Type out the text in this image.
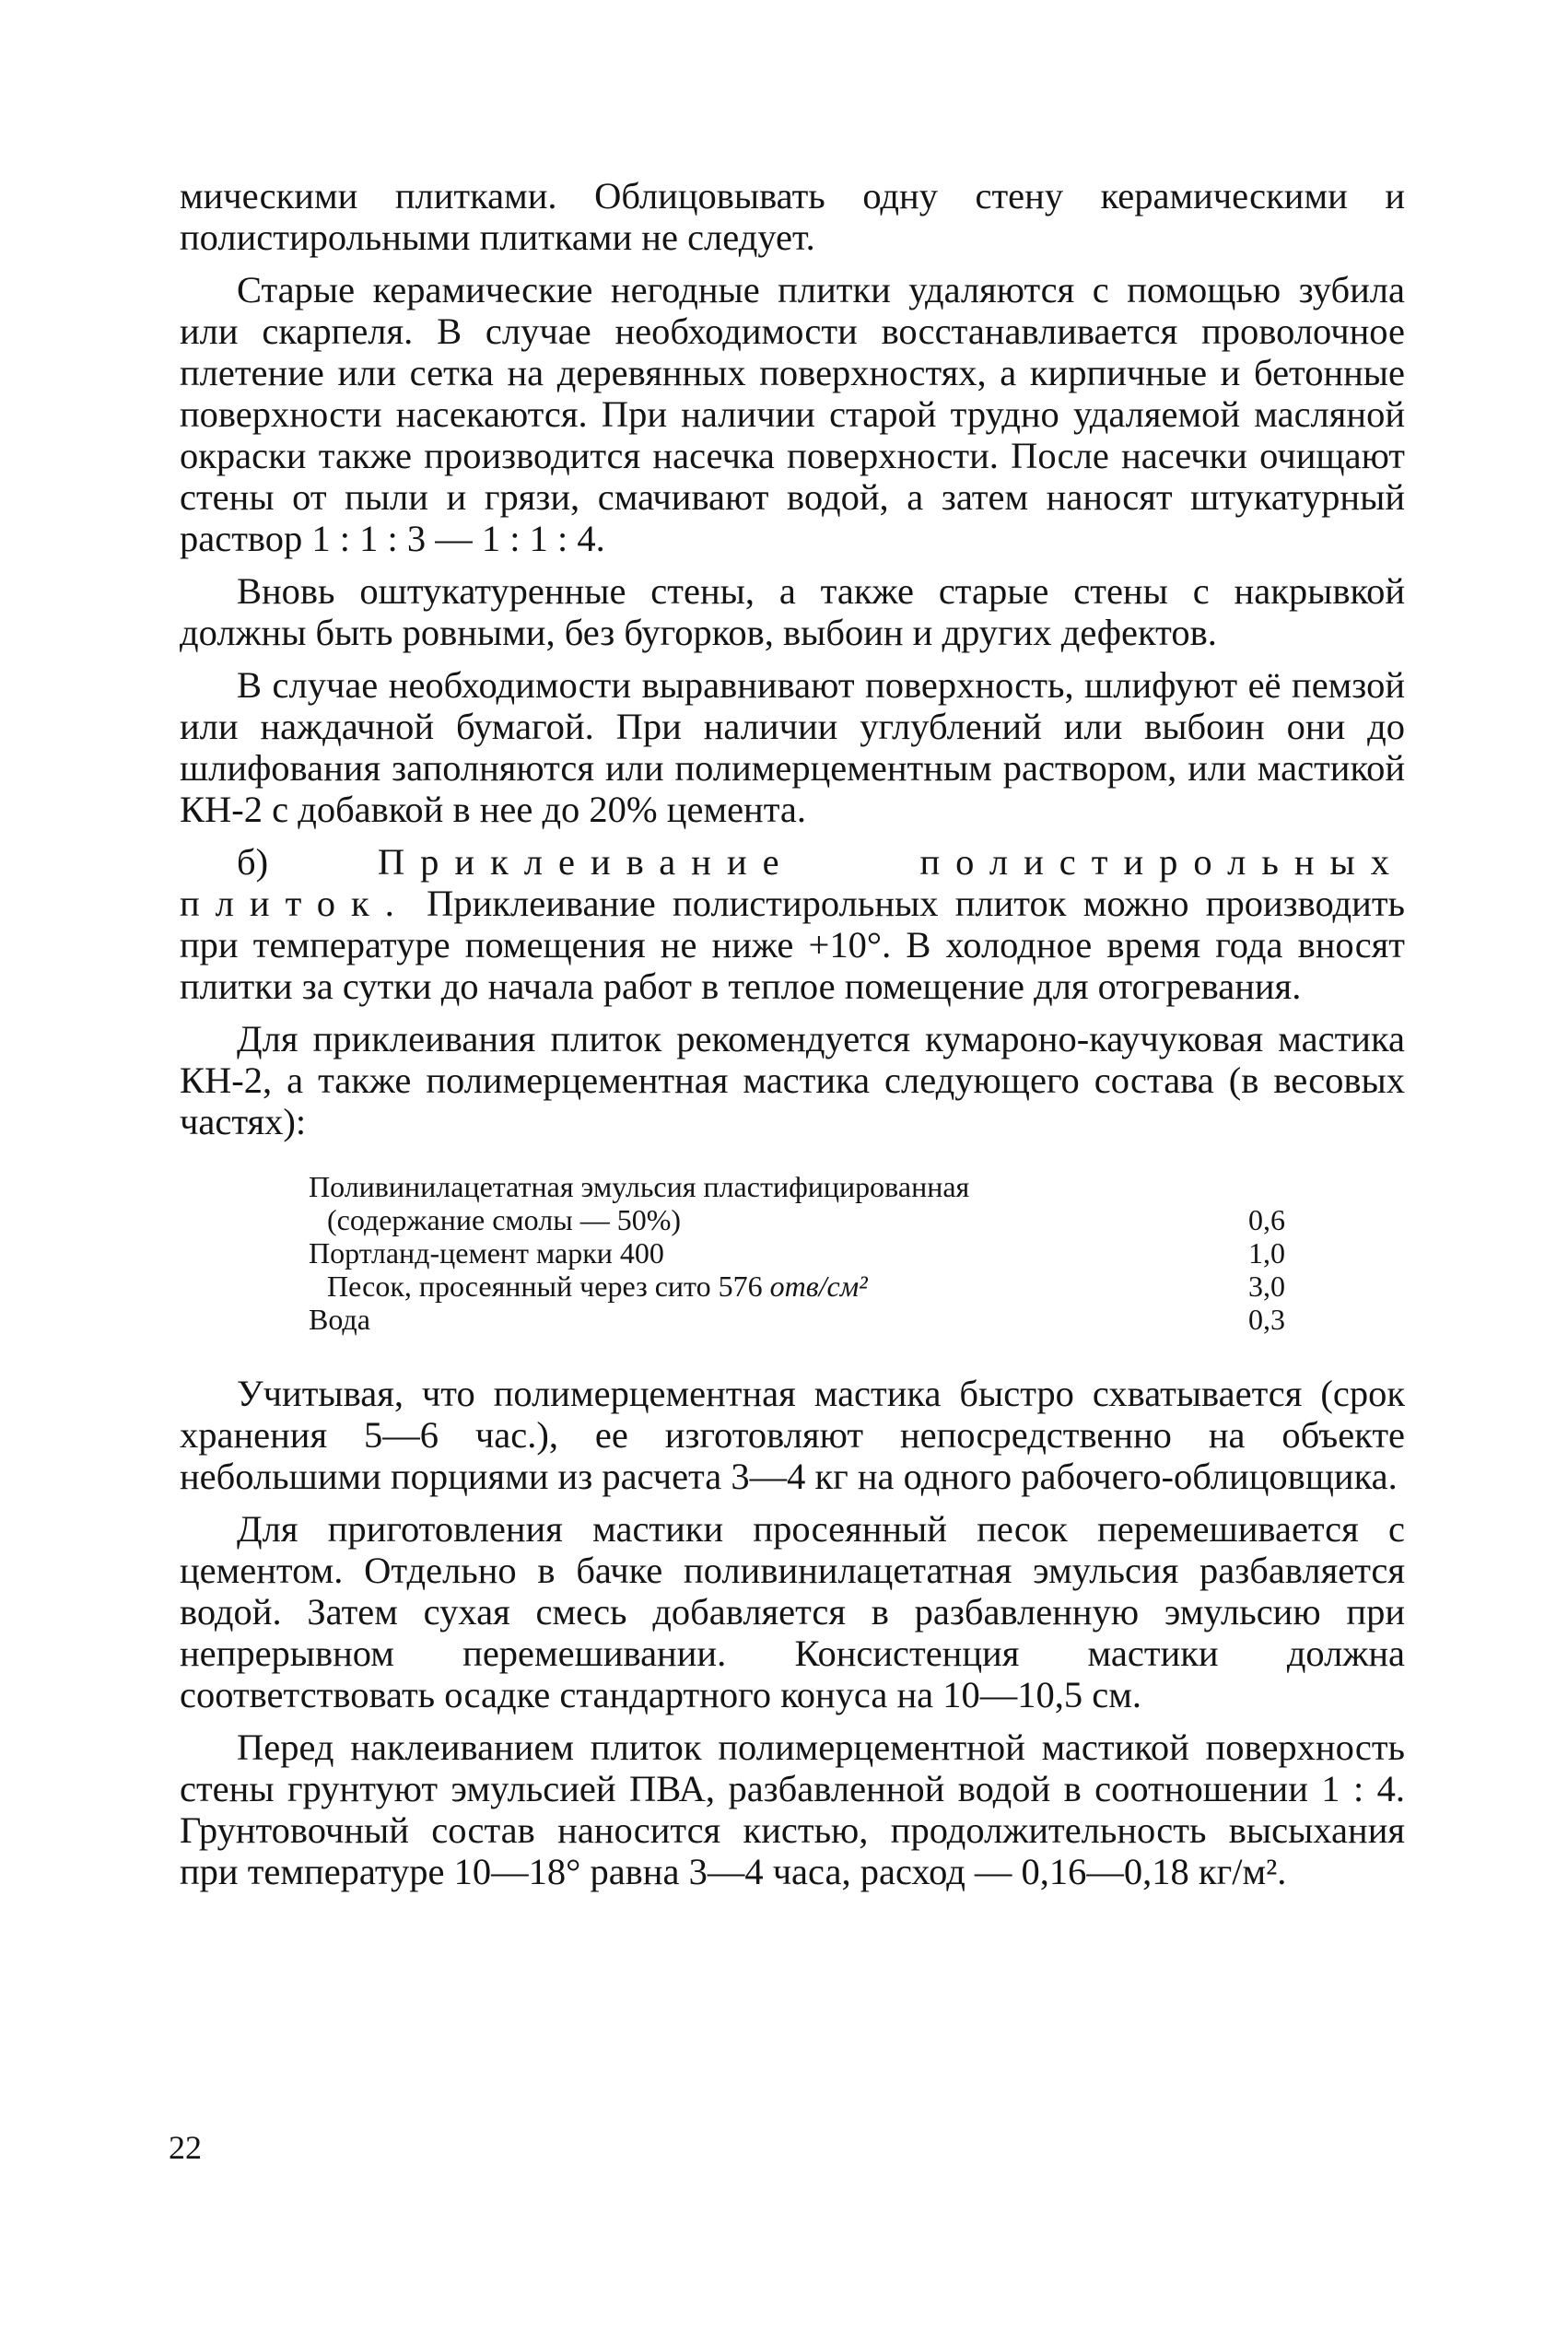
мическими плитками. Облицовывать одну стену керамическими и полистирольными плитками не следует.

Старые керамические негодные плитки удаляются с помощью зубила или скарпеля. В случае необходимости восстанавливается проволочное плетение или сетка на деревянных поверхностях, а кирпичные и бетонные поверхности насекаются. При наличии старой трудно удаляемой масляной окраски также производится насечка поверхности. После насечки очищают стены от пыли и грязи, смачивают водой, а затем наносят штукатурный раствор 1 : 1 : 3 — 1 : 1 : 4.

Вновь оштукатуренные стены, а также старые стены с накрывкой должны быть ровными, без бугорков, выбоин и других дефектов.

В случае необходимости выравнивают поверхность, шлифуют её пемзой или наждачной бумагой. При наличии углублений или выбоин они до шлифования заполняются или полимерцементным раствором, или мастикой КН-2 с добавкой в нее до 20% цемента.

б)	Приклеивание полистирольных плиток. Приклеивание полистирольных плиток можно производить при температуре помещения не ниже +10°. В холодное время года вносят плитки за сутки до начала работ в теплое помещение для отогревания.

Для приклеивания плиток рекомендуется кумароно-каучуковая мастика КН-2, а также полимерцементная мастика следующего состава (в весовых частях):

Поливинилацетатная эмульсия пластифицированная
(содержание смолы — 50%)	0,6
Портланд-цемент марки 400	1,0
Песок, просеянный через сито 576 отв/см²	3,0
Вода	0,3

Учитывая, что полимерцементная мастика быстро схватывается (срок хранения 5—6 час.), ее изготовляют непосредственно на объекте небольшими порциями из расчета 3—4 кг на одного рабочего-облицовщика.

Для приготовления мастики просеянный песок перемешивается с цементом. Отдельно в бачке поливинилацетатная эмульсия разбавляется водой. Затем сухая смесь добавляется в разбавленную эмульсию при непрерывном перемешивании. Консистенция мастики должна соответствовать осадке стандартного конуса на 10—10,5 см.

Перед наклеиванием плиток полимерцементной мастикой поверхность стены грунтуют эмульсией ПВА, разбавленной водой в соотношении 1 : 4. Грунтовочный состав наносится кистью, продолжительность высыхания при температуре 10—18° равна 3—4 часа, расход — 0,16—0,18 кг/м².

22
